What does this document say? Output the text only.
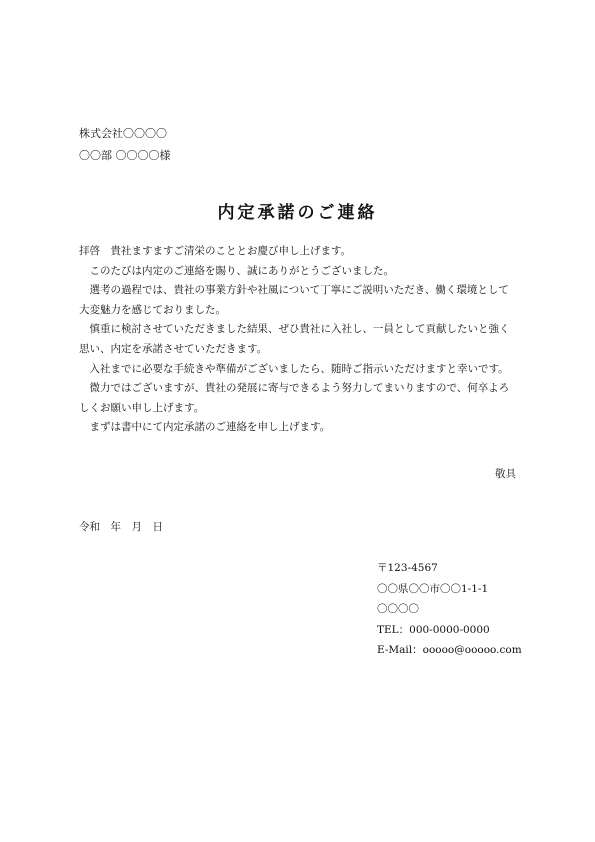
株式会社〇〇〇〇
〇〇部 〇〇〇〇様
内定承諾のご連絡

拝啓　貴社ますますご清栄のこととお慶び申し上げます。

このたびは内定のご連絡を賜り、誠にありがとうございました。

選考の過程では、貴社の事業方針や社風について丁寧にご説明いただき、働く環境として大変魅力を感じておりました。

慎重に検討させていただきました結果、ぜひ貴社に入社し、一員として貢献したいと強く思い、内定を承諾させていただきます。

入社までに必要な手続きや準備がございましたら、随時ご指示いただけますと幸いです。

微力ではございますが、貴社の発展に寄与できるよう努力してまいりますので、何卒よろしくお願い申し上げます。

まずは書中にて内定承諾のご連絡を申し上げます。

敬具
令和　年　月　日
〒123-4567
〇〇県〇〇市〇〇1-1-1
〇〇〇〇
TEL：000-0000-0000
E-Mail：ooooo@ooooo.com
